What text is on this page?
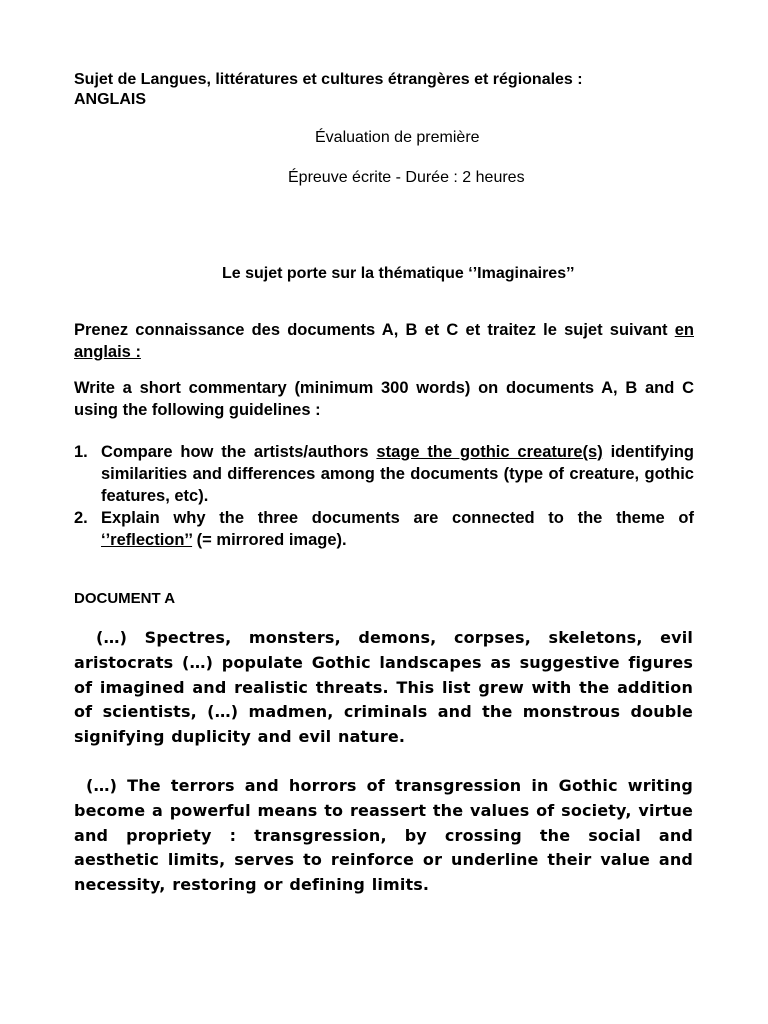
Sujet de Langues, littératures et cultures étrangères et régionales :
ANGLAIS
Évaluation de première
Épreuve écrite - Durée : 2 heures
Le sujet porte sur la thématique ‘’Imaginaires’’
Prenez connaissance des documents A, B et C et traitez le sujet suivant en anglais :
Write a short commentary (minimum 300 words) on documents A, B and C using the following guidelines :
1. Compare how the artists/authors stage the gothic creature(s) identifying similarities and differences among the documents (type of creature, gothic features, etc).
2. Explain why the three documents are connected to the theme of ‘’reflection’’ (= mirrored image).
DOCUMENT A
(…) Spectres, monsters, demons, corpses, skeletons, evil aristocrats (…) populate Gothic landscapes as suggestive figures of imagined and realistic threats. This list grew with the addition of scientists, (…) madmen, criminals and the monstrous double signifying duplicity and evil nature.
(…) The terrors and horrors of transgression in Gothic writing become a powerful means to reassert the values of society, virtue and propriety : transgression, by crossing the social and aesthetic limits, serves to reinforce or underline their value and necessity, restoring or defining limits.
